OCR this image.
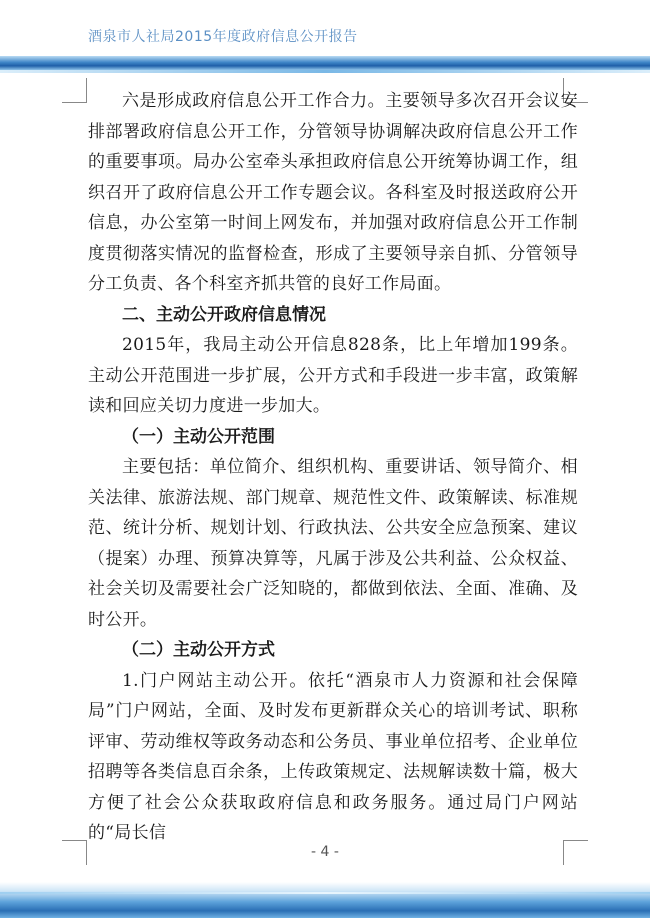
酒泉市人社局2015年度政府信息公开报告

六是形成政府信息公开工作合力。主要领导多次召开会议安排部署政府信息公开工作，分管领导协调解决政府信息公开工作的重要事项。局办公室牵头承担政府信息公开统筹协调工作，组织召开了政府信息公开工作专题会议。各科室及时报送政府公开信息，办公室第一时间上网发布，并加强对政府信息公开工作制度贯彻落实情况的监督检查，形成了主要领导亲自抓、分管领导分工负责、各个科室齐抓共管的良好工作局面。

二、主动公开政府信息情况

2015年，我局主动公开信息828条，比上年增加199条。主动公开范围进一步扩展，公开方式和手段进一步丰富，政策解读和回应关切力度进一步加大。

（一）主动公开范围

主要包括：单位简介、组织机构、重要讲话、领导简介、相关法律、旅游法规、部门规章、规范性文件、政策解读、标准规范、统计分析、规划计划、行政执法、公共安全应急预案、建议（提案）办理、预算决算等，凡属于涉及公共利益、公众权益、社会关切及需要社会广泛知晓的，都做到依法、全面、准确、及时公开。

（二）主动公开方式

1.门户网站主动公开。依托“酒泉市人力资源和社会保障局”门户网站，全面、及时发布更新群众关心的培训考试、职称评审、劳动维权等政务动态和公务员、事业单位招考、企业单位招聘等各类信息百余条，上传政策规定、法规解读数十篇，极大方便了社会公众获取政府信息和政务服务。通过局门户网站的“局长信

- 4 -
